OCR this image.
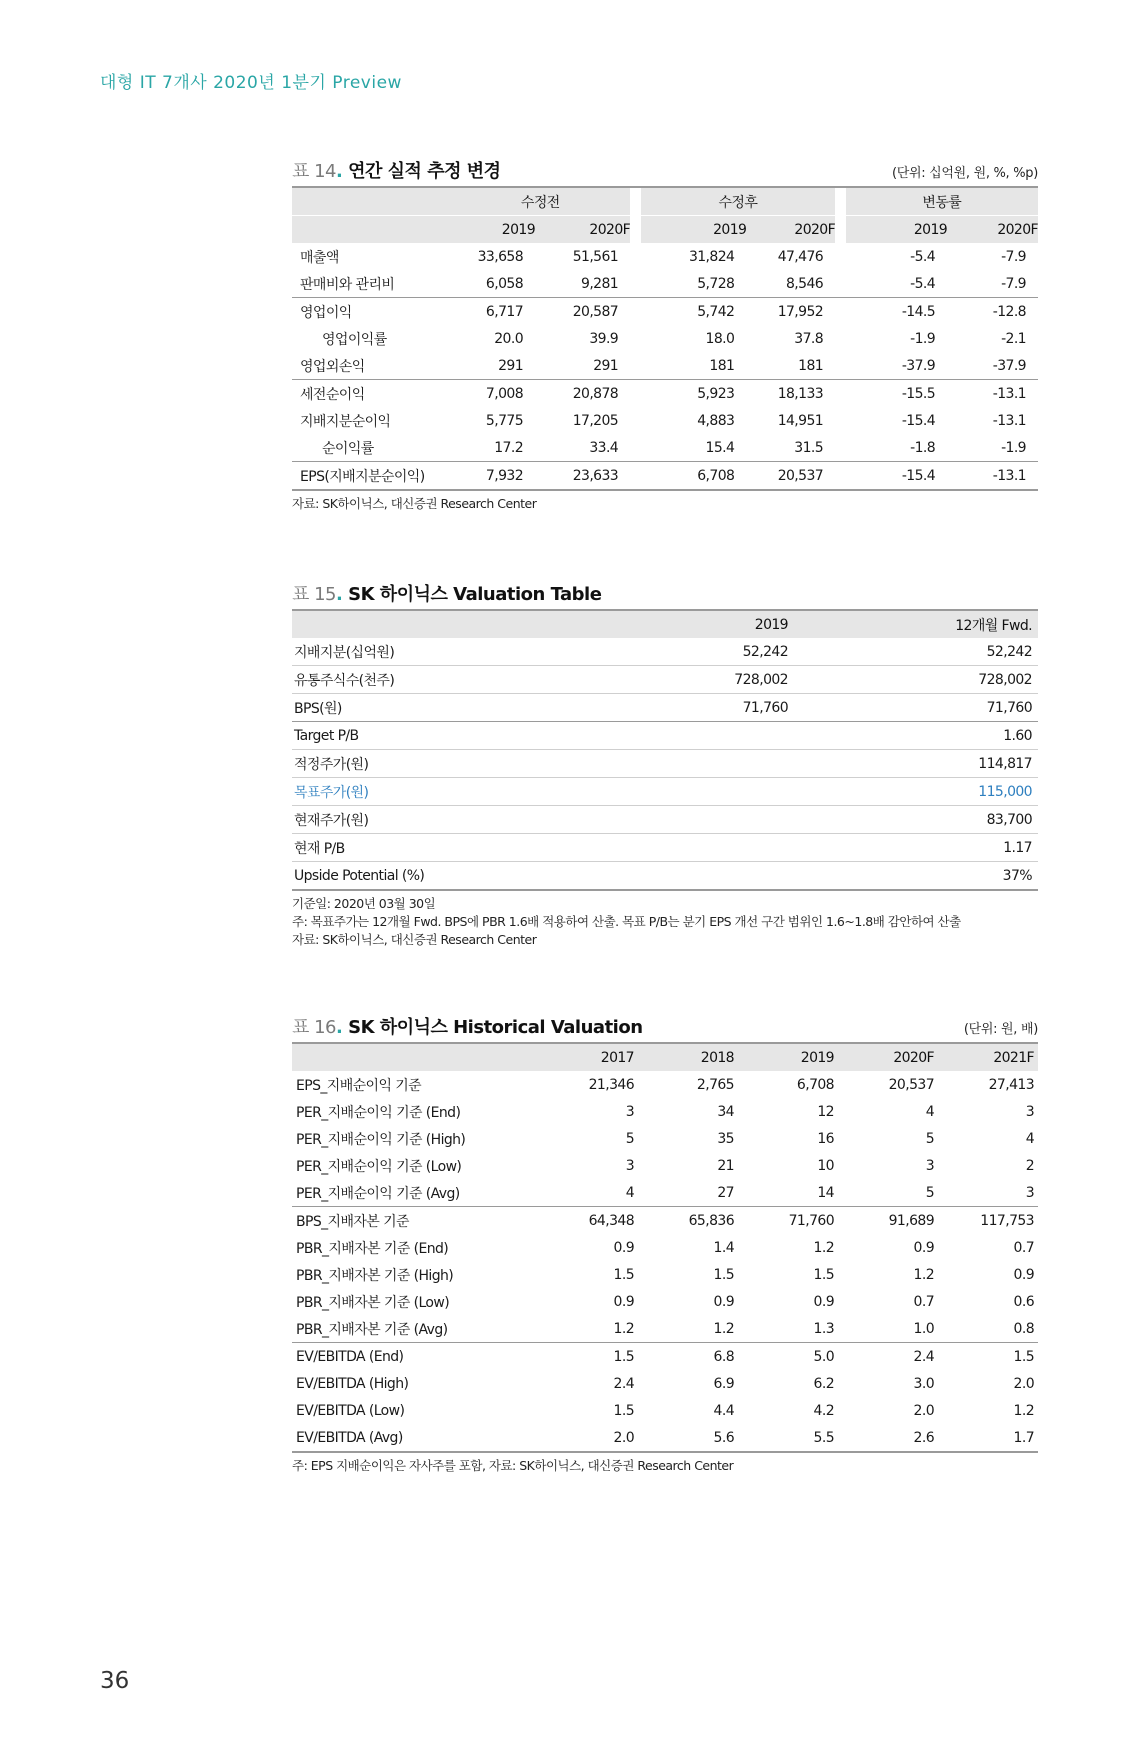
대형 IT 7개사 2020년 1분기 Preview
표 14. 연간 실적 추정 변경	(단위: 십억원, 원, %, %p)
	수정전			수정후			변동률	
	2019	2020F		2019	2020F		2019	2020F
매출액	33,658	51,561		31,824	47,476		-5.4	-7.9
판매비와 관리비	6,058	9,281		5,728	8,546		-5.4	-7.9
영업이익	6,717	20,587		5,742	17,952		-14.5	-12.8
영업이익률	20.0	39.9		18.0	37.8		-1.9	-2.1
영업외손익	291	291		181	181		-37.9	-37.9
세전순이익	7,008	20,878		5,923	18,133		-15.5	-13.1
지배지분순이익	5,775	17,205		4,883	14,951		-15.4	-13.1
순이익률	17.2	33.4		15.4	31.5		-1.8	-1.9
EPS(지배지분순이익)	7,932	23,633		6,708	20,537		-15.4	-13.1
자료: SK하이닉스, 대신증권 Research Center
표 15. SK 하이닉스 Valuation Table
	2019	12개월 Fwd.
지배지분(십억원)	52,242	52,242
유통주식수(천주)	728,002	728,002
BPS(원)	71,760	71,760
Target P/B		1.60
적정주가(원)		114,817
목표주가(원)		115,000
현재주가(원)		83,700
현재 P/B		1.17
Upside Potential (%)		37%
기준일: 2020년 03월 30일
주: 목표주가는 12개월 Fwd. BPS에 PBR 1.6배 적용하여 산출. 목표 P/B는 분기 EPS 개선 구간 범위인 1.6~1.8배 감안하여 산출
자료: SK하이닉스, 대신증권 Research Center
표 16. SK 하이닉스 Historical Valuation	(단위: 원, 배)
	2017	2018	2019	2020F	2021F
EPS_지배순이익 기준	21,346	2,765	6,708	20,537	27,413
PER_지배순이익 기준 (End)	3	34	12	4	3
PER_지배순이익 기준 (High)	5	35	16	5	4
PER_지배순이익 기준 (Low)	3	21	10	3	2
PER_지배순이익 기준 (Avg)	4	27	14	5	3
BPS_지배자본 기준	64,348	65,836	71,760	91,689	117,753
PBR_지배자본 기준 (End)	0.9	1.4	1.2	0.9	0.7
PBR_지배자본 기준 (High)	1.5	1.5	1.5	1.2	0.9
PBR_지배자본 기준 (Low)	0.9	0.9	0.9	0.7	0.6
PBR_지배자본 기준 (Avg)	1.2	1.2	1.3	1.0	0.8
EV/EBITDA (End)	1.5	6.8	5.0	2.4	1.5
EV/EBITDA (High)	2.4	6.9	6.2	3.0	2.0
EV/EBITDA (Low)	1.5	4.4	4.2	2.0	1.2
EV/EBITDA (Avg)	2.0	5.6	5.5	2.6	1.7
주: EPS 지배순이익은 자사주를 포함, 자료: SK하이닉스, 대신증권 Research Center
36
